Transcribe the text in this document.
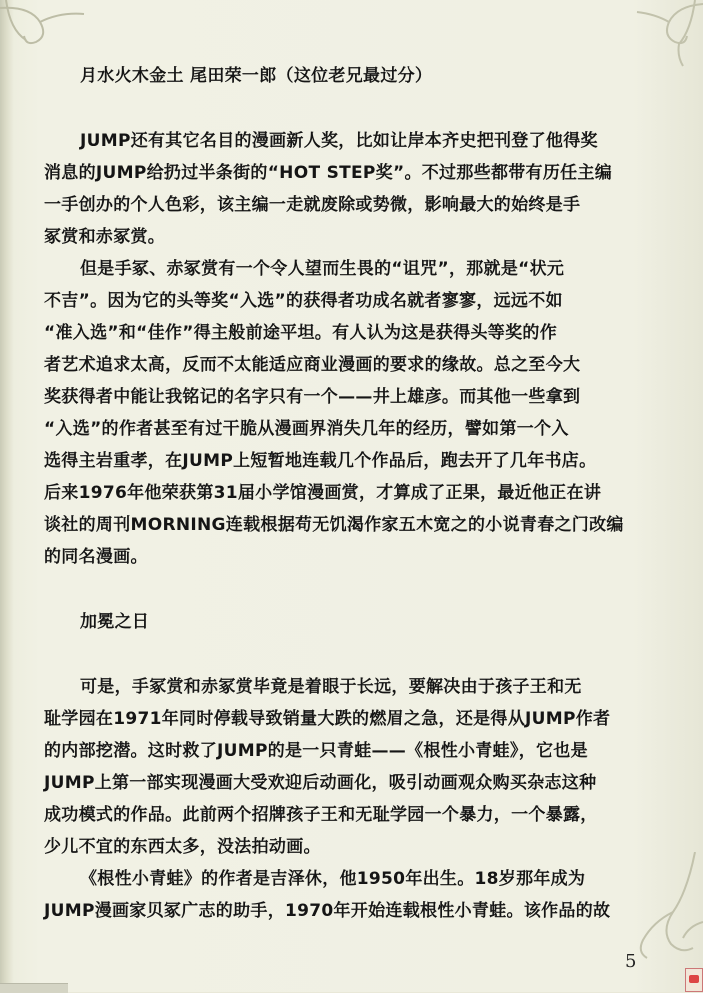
月水火木金土 尾田荣一郎（这位老兄最过分）
JUMP还有其它名目的漫画新人奖，比如让岸本齐史把刊登了他得奖
消息的JUMP给扔过半条街的“HOT STEP奖”。不过那些都带有历任主编
一手创办的个人色彩，该主编一走就废除或势微，影响最大的始终是手
冢赏和赤冢赏。
但是手冢、赤冢赏有一个令人望而生畏的“诅咒”，那就是“状元
不吉”。因为它的头等奖“入选”的获得者功成名就者寥寥，远远不如
“准入选”和“佳作”得主般前途平坦。有人认为这是获得头等奖的作
者艺术追求太高，反而不太能适应商业漫画的要求的缘故。总之至今大
奖获得者中能让我铭记的名字只有一个——井上雄彦。而其他一些拿到
“入选”的作者甚至有过干脆从漫画界消失几年的经历，譬如第一个入
选得主岩重孝，在JUMP上短暂地连载几个作品后，跑去开了几年书店。
后来1976年他荣获第31届小学馆漫画赏，才算成了正果，最近他正在讲
谈社的周刊MORNING连载根据苟无饥渴作家五木宽之的小说青春之门改编
的同名漫画。
加冕之日
可是，手冢赏和赤冢赏毕竟是着眼于长远，要解决由于孩子王和无
耻学园在1971年同时停载导致销量大跌的燃眉之急，还是得从JUMP作者
的内部挖潜。这时救了JUMP的是一只青蛙——《根性小青蛙》，它也是
JUMP上第一部实现漫画大受欢迎后动画化，吸引动画观众购买杂志这种
成功模式的作品。此前两个招牌孩子王和无耻学园一个暴力，一个暴露，
少儿不宜的东西太多，没法拍动画。
《根性小青蛙》的作者是吉泽休，他1950年出生。18岁那年成为
JUMP漫画家贝冢广志的助手，1970年开始连载根性小青蛙。该作品的故
5
